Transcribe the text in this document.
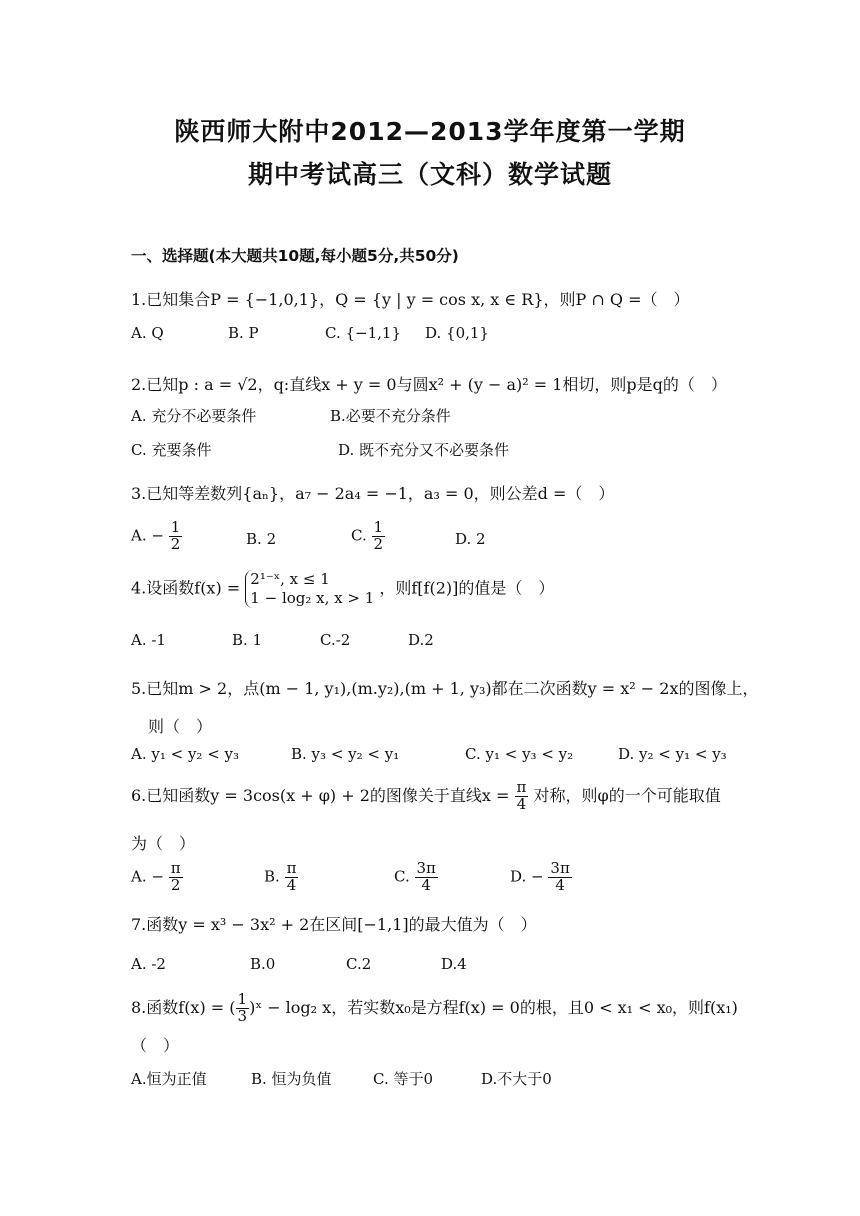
陕西师大附中2012—2013学年度第一学期
期中考试高三（文科）数学试题
一、选择题(本大题共10题,每小题5分,共50分)
1.已知集合P = {−1,0,1}，Q = {y | y = cos x, x ∈ R}，则P ∩ Q =（　）
A. Q	B. P	C. {−1,1} D. {0,1}
2.已知p : a = √2，q:直线x + y = 0与圆x² + (y − a)² = 1相切，则p是q的（　）
A. 充分不必要条件	B.必要不充分条件
C. 充要条件	D. 既不充分又不必要条件
3.已知等差数列{aₙ}，a₇ − 2a₄ = −1，a₃ = 0，则公差d =（　）
A. − $\frac{1}{2}$	B. 2	C. $\frac{1}{2}$	D. 2
4.设函数f(x) = 2¹⁻ˣ, x ≤ 1
1 − log₂ x, x > 1
，则f[f(2)]的值是（　）
A. -1	B. 1	C.-2	D.2
5.已知m > 2，点(m − 1, y₁),(m.y₂),(m + 1, y₃)都在二次函数y = x² − 2x的图像上，
则（　）
A. y₁ < y₂ < y₃	B. y₃ < y₂ < y₁	C. y₁ < y₃ < y₂	D. y₂ < y₁ < y₃
6.已知函数y = 3cos(x + φ) + 2的图像关于直线$x = \frac{\pi}{4}$ 对称，则φ的一个可能取值
为（　）
A. − $\frac{\pi}{2}$	B. $\frac{\pi}{4}$	C. $\frac{3\pi}{4}$	D. − $\frac{3\pi}{4}$
7.函数y = x³ − 3x² + 2在区间[−1,1]的最大值为（　）
A. -2	B.0	C.2	D.4
8.函数f(x) = ( $\frac{1}{3}$ )ˣ − log₂ x，若实数x₀是方程f(x) = 0的根，且0 < x₁ < x₀，则f(x₁)
（　）
A.恒为正值	B. 恒为负值	C. 等于0	D.不大于0
